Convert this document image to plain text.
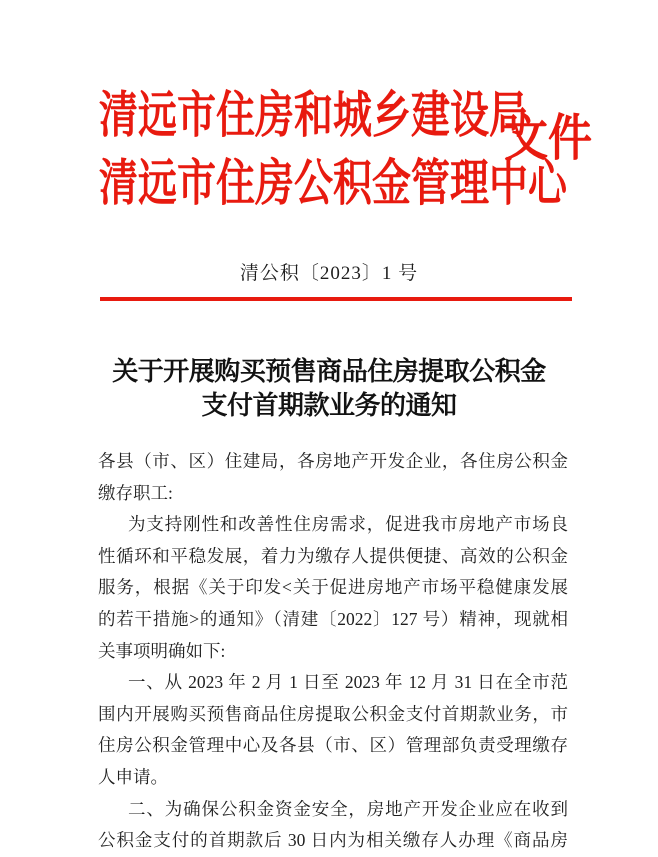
清远市住房和城乡建设局
清远市住房公积金管理中心
文件
清公积〔2023〕1 号
关于开展购买预售商品住房提取公积金
支付首期款业务的通知
各县（市、区）住建局，各房地产开发企业，各住房公积金
缴存职工:
为支持刚性和改善性住房需求，促进我市房地产市场良
性循环和平稳发展，着力为缴存人提供便捷、高效的公积金
服务，根据《关于印发<关于促进房地产市场平稳健康发展
的若干措施>的通知》（清建〔2022〕127 号）精神，现就相
关事项明确如下:
一、从 2023 年 2 月 1 日至 2023 年 12 月 31 日在全市范
围内开展购买预售商品住房提取公积金支付首期款业务，市
住房公积金管理中心及各县（市、区）管理部负责受理缴存
人申请。
二、为确保公积金资金安全，房地产开发企业应在收到
公积金支付的首期款后 30 日内为相关缴存人办理《商品房
